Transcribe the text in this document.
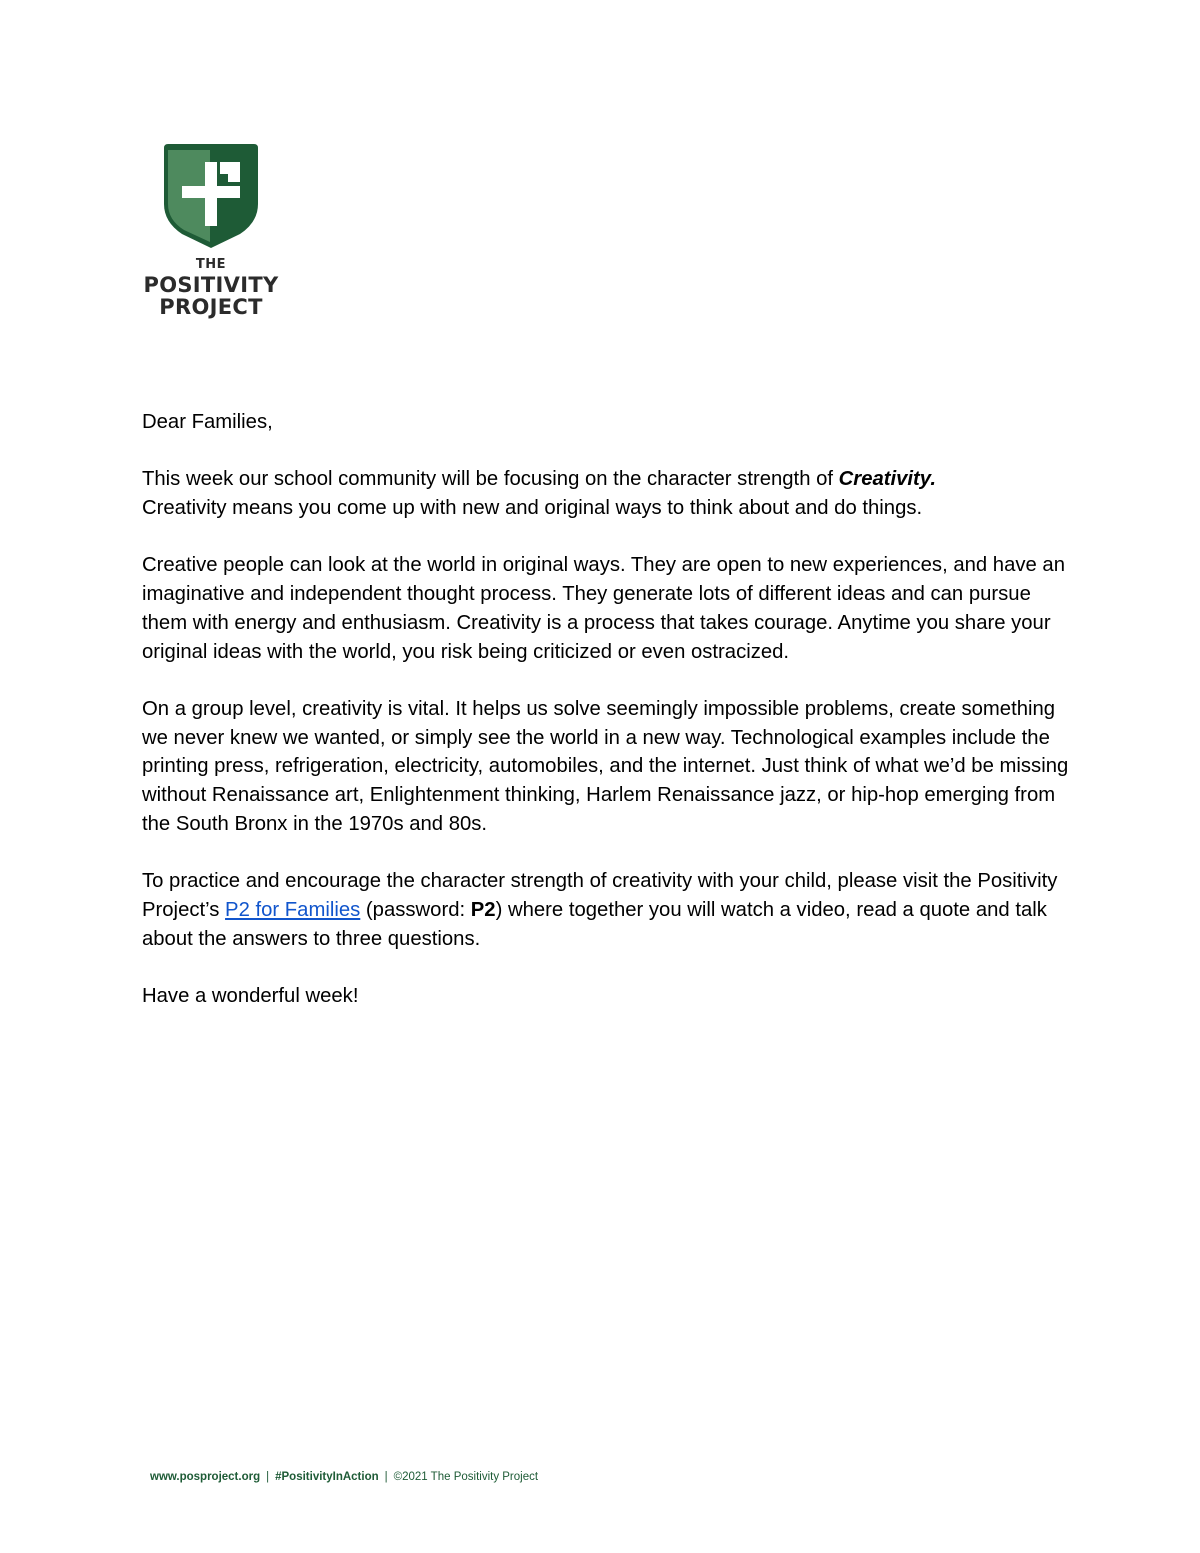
THE
POSITIVITY
PROJECT

Dear Families,

This week our school community will be focusing on the character strength of Creativity.
Creativity means you come up with new and original ways to think about and do things.

Creative people can look at the world in original ways. They are open to new experiences, and have an imaginative and independent thought process. They generate lots of different ideas and can pursue them with energy and enthusiasm. Creativity is a process that takes courage. Anytime you share your original ideas with the world, you risk being criticized or even ostracized.

On a group level, creativity is vital. It helps us solve seemingly impossible problems, create something we never knew we wanted, or simply see the world in a new way. Technological examples include the printing press, refrigeration, electricity, automobiles, and the internet. Just think of what we’d be missing without Renaissance art, Enlightenment thinking, Harlem Renaissance jazz, or hip-hop emerging from the South Bronx in the 1970s and 80s.

To practice and encourage the character strength of creativity with your child, please visit the Positivity Project’s P2 for Families (password: P2) where together you will watch a video, read a quote and talk about the answers to three questions.

Have a wonderful week!

www.posproject.org | #PositivityInAction | ©2021 The Positivity Project
